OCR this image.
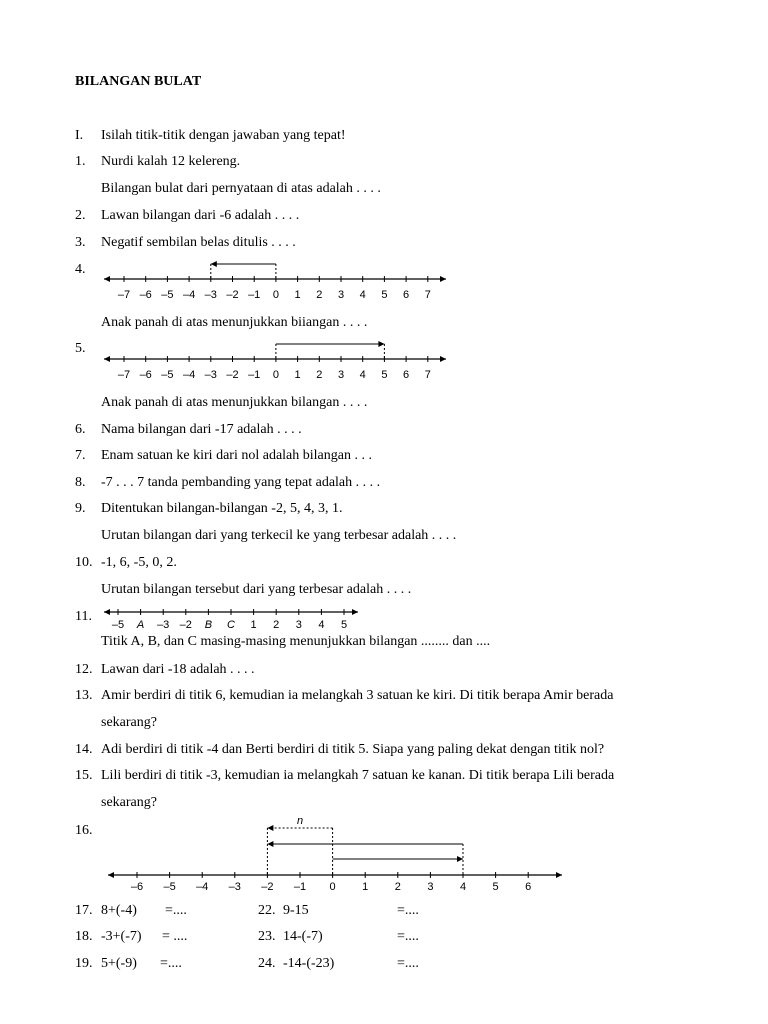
BILANGAN BULAT
I. Isilah titik-titik dengan jawaban yang tepat!
1. Nurdi kalah 12 kelereng.
Bilangan bulat dari pernyataan di atas adalah . . . .
2. Lawan bilangan dari -6 adalah . . . .
3. Negatif sembilan belas ditulis . . . .
4.
–7 –6 –5 –4 –3 –2 –1 0 1 2 3 4 5 6 7
Anak panah di atas menunjukkan biiangan . . . .
5.
–7 –6 –5 –4 –3 –2 –1 0 1 2 3 4 5 6 7
Anak panah di atas menunjukkan bilangan . . . .
6. Nama bilangan dari -17 adalah . . . .
7. Enam satuan ke kiri dari nol adalah bilangan . . .
8. -7 . . . 7 tanda pembanding yang tepat adalah . . . .
9. Ditentukan bilangan-bilangan -2, 5, 4, 3, 1.
Urutan bilangan dari yang terkecil ke yang terbesar adalah . . . .
10. -1, 6, -5, 0, 2.
Urutan bilangan tersebut dari yang terbesar adalah . . . .
11.
–5 A –3 –2 B C 1 2 3 4 5
Titik A, B, dan C masing-masing menunjukkan bilangan ........ dan ....
12. Lawan dari -18 adalah . . . .
13. Amir berdiri di titik 6, kemudian ia melangkah 3 satuan ke kiri. Di titik berapa Amir berada
sekarang?
14. Adi berdiri di titik -4 dan Berti berdiri di titik 5. Siapa yang paling dekat dengan titik nol?
15. Lili berdiri di titik -3, kemudian ia melangkah 7 satuan ke kanan. Di titik berapa Lili berada
sekarang?
16.
–6 –5 –4 –3 –2 –1 0 1 2 3 4 5 6
n
17. 8+(-4) =....	22. 9-15	=....
18. -3+(-7) = ....	23. 14-(-7)	=....
19. 5+(-9) =....	24. -14-(-23)	=....
